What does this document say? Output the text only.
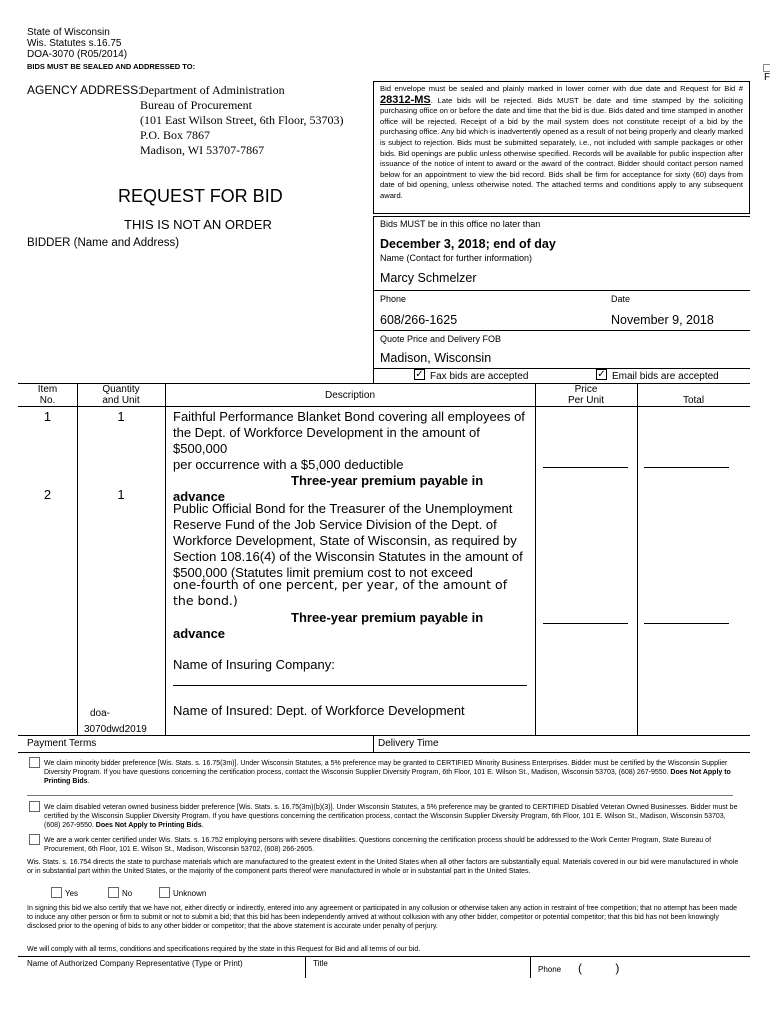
State of Wisconsin
Wis. Statutes s.16.75
DOA-3070 (R05/2014)
BIDS MUST BE SEALED AND ADDRESSED TO:
F
AGENCY ADDRESS:
Department of Administration
Bureau of Procurement
(101 East Wilson Street, 6th Floor, 53703)
P.O. Box 7867
Madison, WI 53707-7867
REQUEST FOR BID
THIS IS NOT AN ORDER
BIDDER (Name and Address)
Bid envelope must be sealed and plainly marked in lower corner with due date and Request for Bid # 28312-MS. Late bids will be rejected. Bids MUST be date and time stamped by the soliciting purchasing office on or before the date and time that the bid is due. Bids dated and time stamped in another office will be rejected. Receipt of a bid by the mail system does not constitute receipt of a bid by the purchasing office. Any bid which is inadvertently opened as a result of not being properly and clearly marked is subject to rejection. Bids must be submitted separately, i.e., not included with sample packages or other bids. Bid openings are public unless otherwise specified. Records will be available for public inspection after issuance of the notice of intent to award or the award of the contract. Bidder should contact person named below for an appointment to view the bid record. Bids shall be firm for acceptance for sixty (60) days from date of bid opening, unless otherwise noted. The attached terms and conditions apply to any subsequent award.
Bids MUST be in this office no later than
December 3, 2018; end of day
Name (Contact for further information)
Marcy Schmelzer
Phone	Date
608/266-1625	November 9, 2018
Quote Price and Delivery FOB
Madison, Wisconsin
✓ Fax bids are accepted	✓ Email bids are accepted
Item
No.
Quantity
and Unit	Description
Price
Per Unit	Total
1	1	Faithful Performance Blanket Bond covering all employees of
the Dept. of Workforce Development in the amount of $500,000
per occurrence with a $5,000 deductible
Three-year premium payable in
advance
2	1
Public Official Bond for the Treasurer of the Unemployment
Reserve Fund of the Job Service Division of the Dept. of
Workforce Development, State of Wisconsin, as required by
Section 108.16(4) of the Wisconsin Statutes in the amount of
$500,000 (Statutes limit premium cost to not exceed
one-fourth of one percent, per year, of the amount of
the bond.)
Three-year premium payable in
advance
Name of Insuring Company:
Name of Insured: Dept. of Workforce Development
doa-
3070dwd2019
Payment Terms	Delivery Time
We claim minority bidder preference [Wis. Stats. s. 16.75(3m)]. Under Wisconsin Statutes, a 5% preference may be granted to CERTIFIED Minority Business Enterprises. Bidder must be certified by the Wisconsin Supplier Diversity Program. If you have questions concerning the certification process, contact the Wisconsin Supplier Diversity Program, 6th Floor, 101 E. Wilson St., Madison, Wisconsin 53703, (608) 267-9550. Does Not Apply to Printing Bids.
We claim disabled veteran owned business bidder preference [Wis. Stats. s. 16.75(3m)(b)(3)]. Under Wisconsin Statutes, a 5% preference may be granted to CERTIFIED Disabled Veteran Owned Businesses. Bidder must be certified by the Wisconsin Supplier Diversity Program. If you have questions concerning the certification process, contact the Wisconsin Supplier Diversity Program, 6th Floor, 101 E. Wilson St., Madison, Wisconsin 53703, (608) 267-9550. Does Not Apply to Printing Bids.
We are a work center certified under Wis. Stats. s. 16.752 employing persons with severe disabilities. Questions concerning the certification process should be addressed to the Work Center Program, State Bureau of Procurement, 6th Floor, 101 E. Wilson St., Madison, Wisconsin 53702, (608) 266-2605.
Wis. Stats. s. 16.754 directs the state to purchase materials which are manufactured to the greatest extent in the United States when all other factors are substantially equal. Materials covered in our bid were manufactured in whole or in substantial part within the United States, or the majority of the component parts thereof were manufactured in whole or in substantial part in the United States.
Yes	No	Unknown
In signing this bid we also certify that we have not, either directly or indirectly, entered into any agreement or participated in any collusion or otherwise taken any action in restraint of free competition; that no attempt has been made to induce any other person or firm to submit or not to submit a bid; that this bid has been independently arrived at without collusion with any other bidder, competitor or potential competitor; that this bid has not been knowingly disclosed prior to the opening of bids to any other bidder or competitor; that the above statement is accurate under penalty of perjury.
We will comply with all terms, conditions and specifications required by the state in this Request for Bid and all terms of our bid.
Name of Authorized Company Representative (Type or Print)	Title
Phone (          )
